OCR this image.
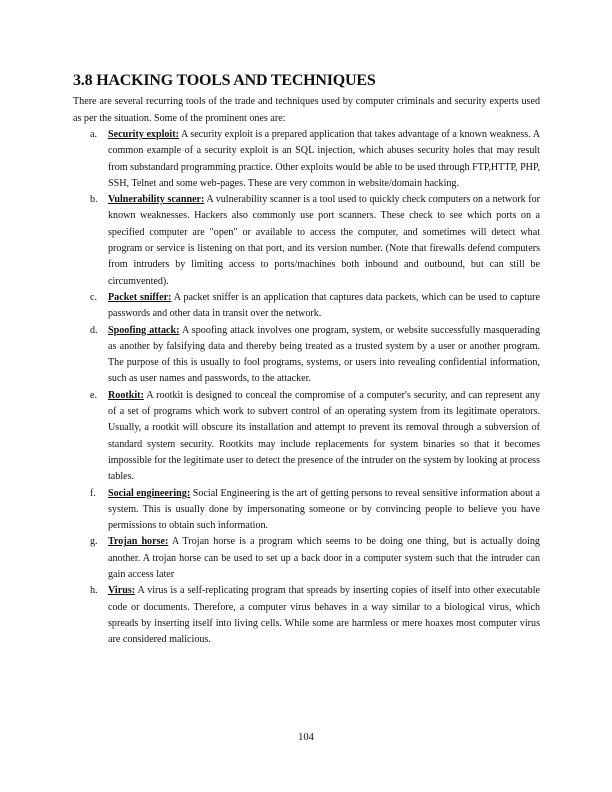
3.8 HACKING TOOLS AND TECHNIQUES

There are several recurring tools of the trade and techniques used by computer criminals and security experts used as per the situation. Some of the prominent ones are:

a. Security exploit: A security exploit is a prepared application that takes advantage of a known weakness. A common example of a security exploit is an SQL injection, which abuses security holes that may result from substandard programming practice. Other exploits would be able to be used through FTP,HTTP, PHP, SSH, Telnet and some web-pages. These are very common in website/domain hacking.
b. Vulnerability scanner: A vulnerability scanner is a tool used to quickly check computers on a network for known weaknesses. Hackers also commonly use port scanners. These check to see which ports on a specified computer are "open" or available to access the computer, and sometimes will detect what program or service is listening on that port, and its version number. (Note that firewalls defend computers from intruders by limiting access to ports/machines both inbound and outbound, but can still be circumvented).
c. Packet sniffer: A packet sniffer is an application that captures data packets, which can be used to capture passwords and other data in transit over the network.
d. Spoofing attack: A spoofing attack involves one program, system, or website successfully masquerading as another by falsifying data and thereby being treated as a trusted system by a user or another program. The purpose of this is usually to fool programs, systems, or users into revealing confidential information, such as user names and passwords, to the attacker.
e. Rootkit: A rootkit is designed to conceal the compromise of a computer's security, and can represent any of a set of programs which work to subvert control of an operating system from its legitimate operators. Usually, a rootkit will obscure its installation and attempt to prevent its removal through a subversion of standard system security. Rootkits may include replacements for system binaries so that it becomes impossible for the legitimate user to detect the presence of the intruder on the system by looking at process tables.
f. Social engineering: Social Engineering is the art of getting persons to reveal sensitive information about a system. This is usually done by impersonating someone or by convincing people to believe you have permissions to obtain such information.
g. Trojan horse: A Trojan horse is a program which seems to be doing one thing, but is actually doing another. A trojan horse can be used to set up a back door in a computer system such that the intruder can gain access later
h. Virus: A virus is a self-replicating program that spreads by inserting copies of itself into other executable code or documents. Therefore, a computer virus behaves in a way similar to a biological virus, which spreads by inserting itself into living cells. While some are harmless or mere hoaxes most computer virus are considered malicious.
104
